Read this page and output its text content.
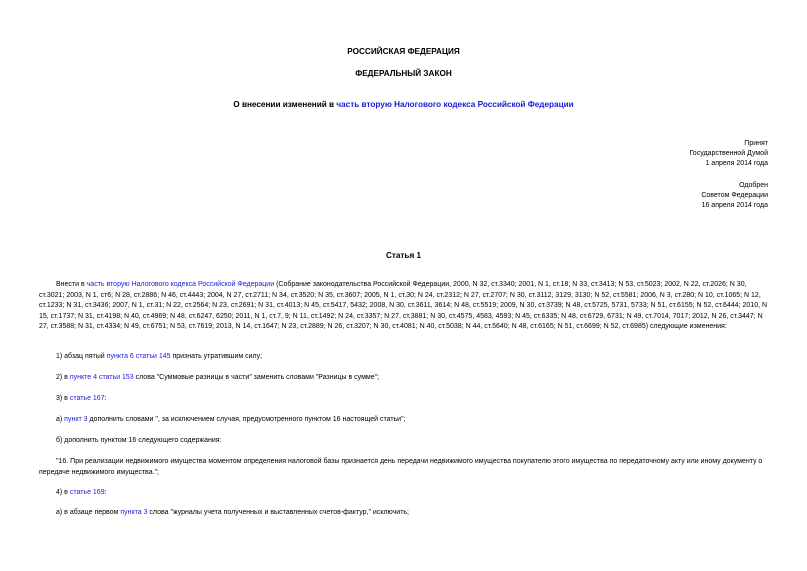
РОССИЙСКАЯ ФЕДЕРАЦИЯ
ФЕДЕРАЛЬНЫЙ ЗАКОН
О внесении изменений в часть вторую Налогового кодекса Российской Федерации
Принят
Государственной Думой
1 апреля 2014 года
Одобрен
Советом Федерации
16 апреля 2014 года
Статья 1
Внести в часть вторую Налогового кодекса Российской Федерации (Собрание законодательства Российской Федерации, 2000, N 32, ст.3340; 2001, N 1, ст.18; N 33, ст.3413; N 53, ст.5023; 2002, N 22, ст.2026; N 30, ст.3021; 2003, N 1, ст6; N 28, ст.2886; N 46, ст.4443; 2004, N 27, ст.2711; N 34, ст.3520; N 35, ст.3607; 2005, N 1, ст.30; N 24, ст.2312; N 27, ст.2707; N 30, ст.3112, 3129, 3130; N 52, ст.5581; 2006, N 3, ст.280; N 10, ст.1065; N 12, ст.1233; N 31, ст.3436; 2007, N 1, ст.31; N 22, ст.2564; N 23, ст.2691; N 31, ст.4013; N 45, ст.5417, 5432; 2008, N 30, ст.3611, 3614; N 48, ст.5519; 2009, N 30, ст.3739; N 48, ст.5725, 5731, 5733; N 51, ст.6155; N 52, ст.6444; 2010, N 15, ст.1737; N 31, ст.4198; N 40, ст.4969; N 48, ст.6247, 6250; 2011, N 1, ст.7, 9; N 11, ст.1492; N 24, ст.3357; N 27, ст.3881; N 30, ст.4575, 4583, 4593; N 45, ст.6335; N 48, ст.6729, 6731; N 49, ст.7014, 7017; 2012, N 26, ст.3447; N 27, ст.3588; N 31, ст.4334; N 49, ст.6751; N 53, ст.7619; 2013, N 14, ст.1647; N 23, ст.2889; N 26, ст.3207; N 30, ст.4081; N 40, ст.5038; N 44, ст.5640; N 48, ст.6165; N 51, ст.6699; N 52, ст.6985) следующие изменения:
1) абзац пятый пункта 6 статьи 145 признать утратившим силу;
2) в пункте 4 статьи 153 слова "Суммовые разницы в части" заменить словами "Разницы в сумме";
3) в статье 167:
а) пункт 3 дополнить словами ", за исключением случая, предусмотренного пунктом 16 настоящей статьи";
б) дополнить пунктом 16 следующего содержания:
"16. При реализации недвижимого имущества моментом определения налоговой базы признается день передачи недвижимого имущества покупателю этого имущества по передаточному акту или иному документу о передаче недвижимого имущества.";
4) в статье 169:
а) в абзаце первом пункта 3 слова "журналы учета полученных и выставленных счетов-фактур," исключить;
